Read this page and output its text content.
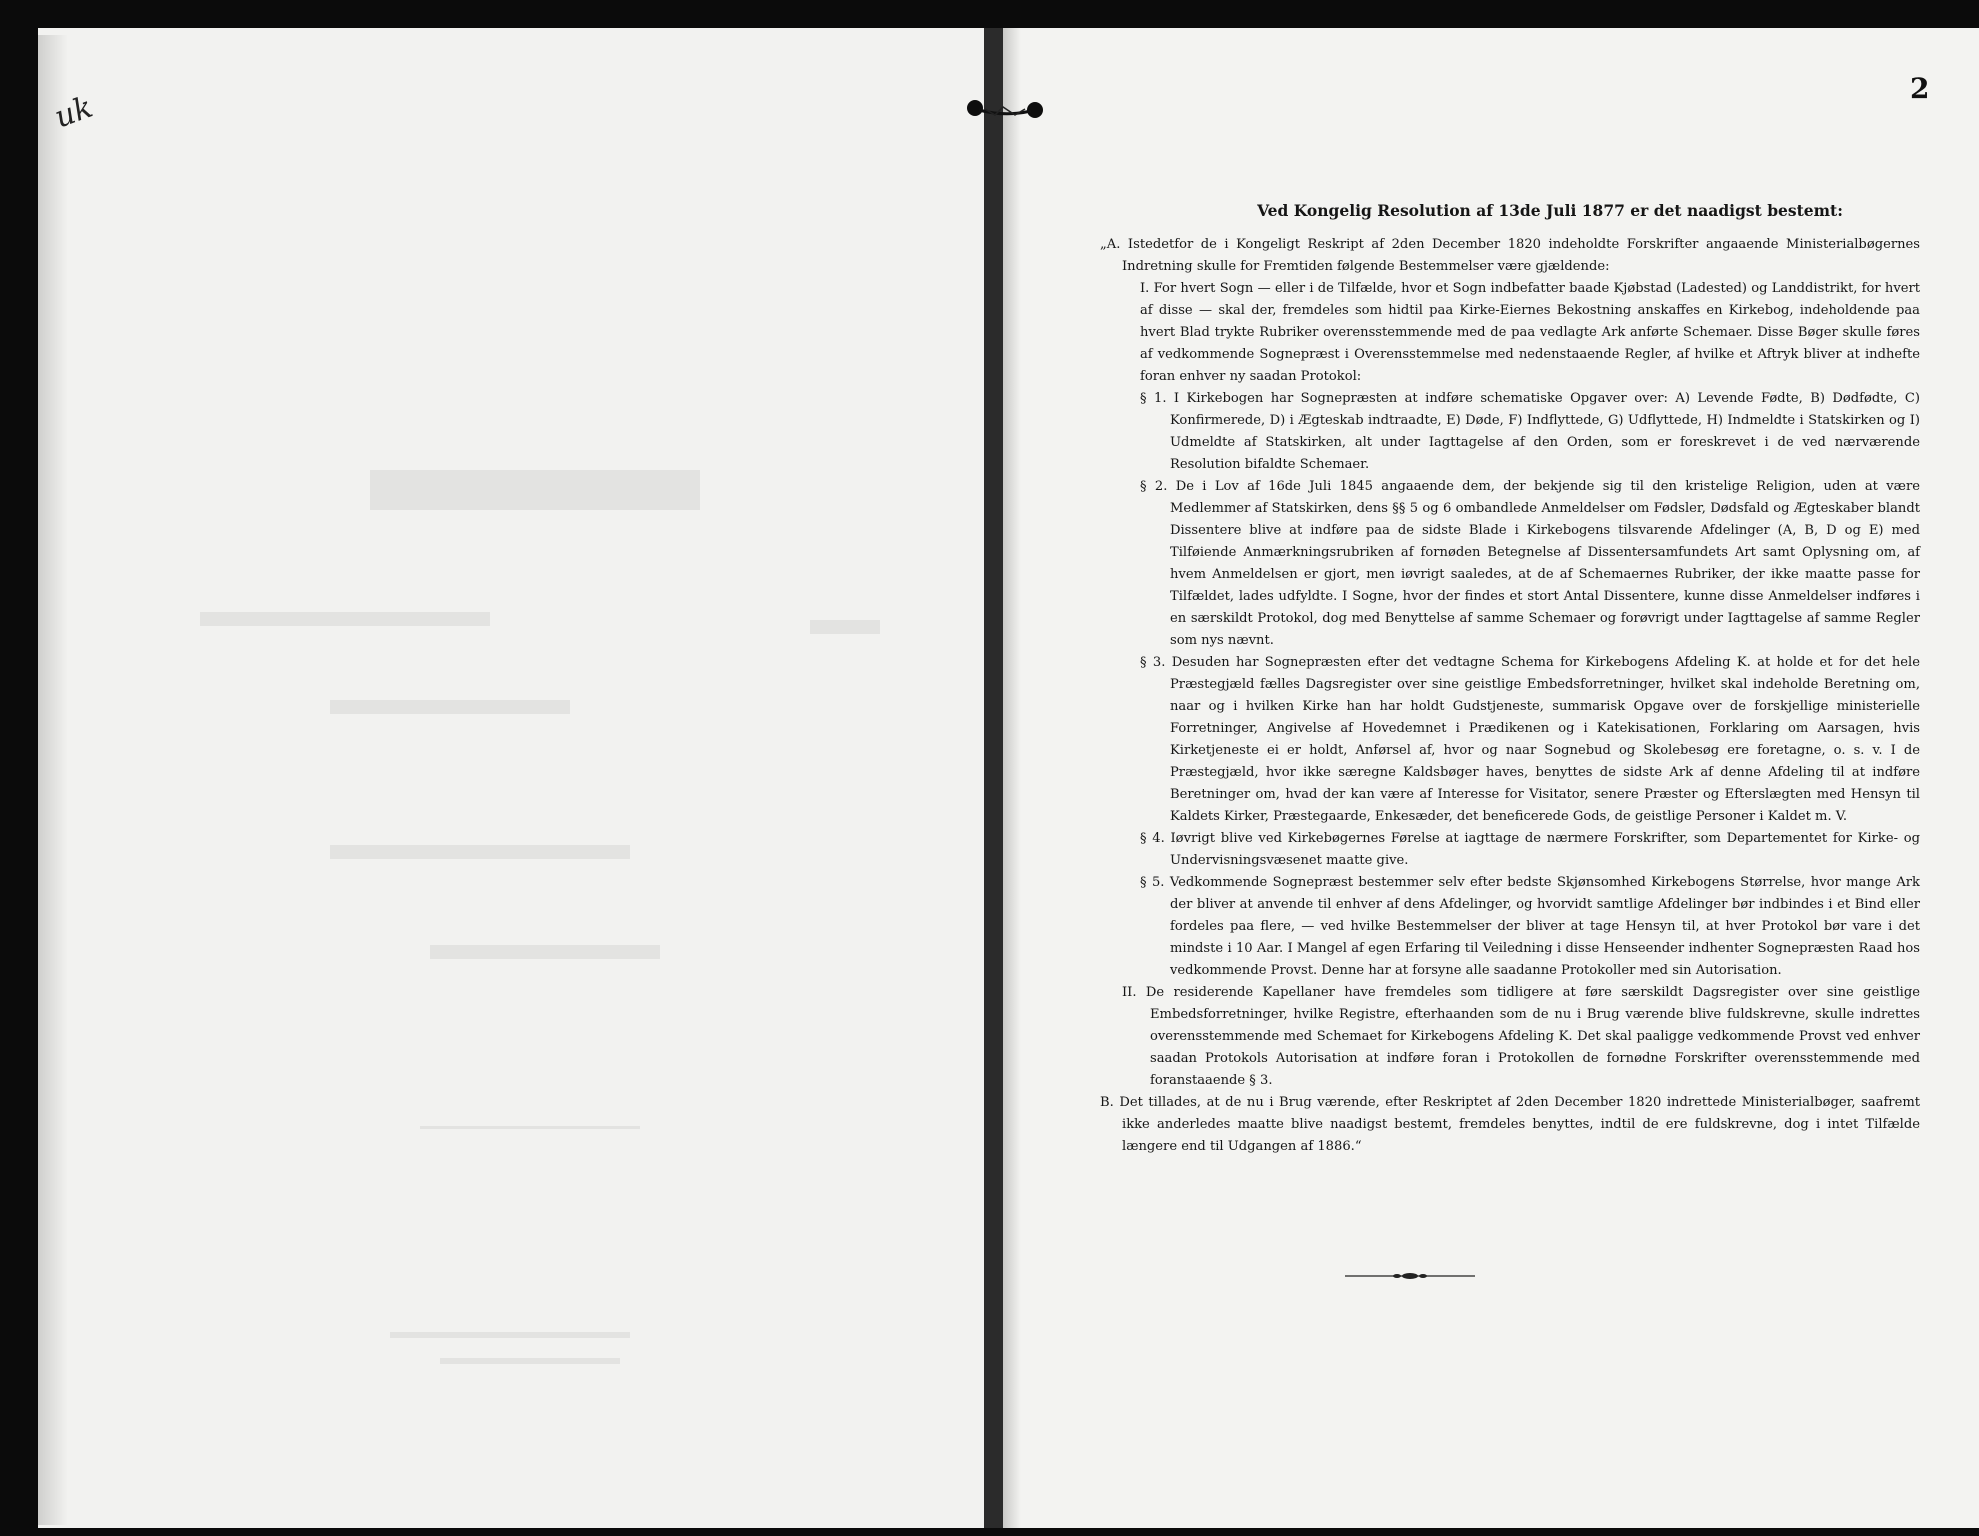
uk
2
Ved Kongelig Resolution af 13de Juli 1877 er det naadigst bestemt:

„A. Istedetfor de i Kongeligt Reskript af 2den December 1820 indeholdte Forskrifter angaaende Ministerialbøgernes Indretning skulle for Fremtiden følgende Bestemmelser være gjældende:

I. For hvert Sogn — eller i de Tilfælde, hvor et Sogn indbefatter baade Kjøbstad (Ladested) og Landdistrikt, for hvert af disse — skal der, fremdeles som hidtil paa Kirke-Eiernes Bekostning anskaffes en Kirkebog, indeholdende paa hvert Blad trykte Rubriker overensstemmende med de paa vedlagte Ark anførte Schemaer. Disse Bøger skulle føres af vedkommende Sognepræst i Overensstemmelse med nedenstaaende Regler, af hvilke et Aftryk bliver at indhefte foran enhver ny saadan Protokol:

§ 1. I Kirkebogen har Sognepræsten at indføre schematiske Opgaver over: A) Levende Fødte, B) Dødfødte, C) Konfirmerede, D) i Ægteskab indtraadte, E) Døde, F) Indflyttede, G) Udflyttede, H) Indmeldte i Statskirken og I) Udmeldte af Statskirken, alt under Iagttagelse af den Orden, som er foreskrevet i de ved nærværende Resolution bifaldte Schemaer.

§ 2. De i Lov af 16de Juli 1845 angaaende dem, der bekjende sig til den kristelige Religion, uden at være Medlemmer af Statskirken, dens §§ 5 og 6 ombandlede Anmeldelser om Fødsler, Dødsfald og Ægteskaber blandt Dissentere blive at indføre paa de sidste Blade i Kirkebogens tilsvarende Afdelinger (A, B, D og E) med Tilføiende Anmærkningsrubriken af fornøden Betegnelse af Dissentersamfundets Art samt Oplysning om, af hvem Anmeldelsen er gjort, men iøvrigt saaledes, at de af Schemaernes Rubriker, der ikke maatte passe for Tilfældet, lades udfyldte. I Sogne, hvor der findes et stort Antal Dissentere, kunne disse Anmeldelser indføres i en særskildt Protokol, dog med Benyttelse af samme Schemaer og forøvrigt under Iagttagelse af samme Regler som nys nævnt.

§ 3. Desuden har Sognepræsten efter det vedtagne Schema for Kirkebogens Afdeling K. at holde et for det hele Præstegjæld fælles Dagsregister over sine geistlige Embedsforretninger, hvilket skal indeholde Beretning om, naar og i hvilken Kirke han har holdt Gudstjeneste, summarisk Opgave over de forskjellige ministerielle Forretninger, Angivelse af Hovedemnet i Prædikenen og i Katekisationen, Forklaring om Aarsagen, hvis Kirketjeneste ei er holdt, Anførsel af, hvor og naar Sognebud og Skolebesøg ere foretagne, o. s. v. I de Præstegjæld, hvor ikke særegne Kaldsbøger haves, benyttes de sidste Ark af denne Afdeling til at indføre Beretninger om, hvad der kan være af Interesse for Visitator, senere Præster og Efterslægten med Hensyn til Kaldets Kirker, Præstegaarde, Enkesæder, det beneficerede Gods, de geistlige Personer i Kaldet m. V.

§ 4. Iøvrigt blive ved Kirkebøgernes Førelse at iagttage de nærmere Forskrifter, som Departementet for Kirke- og Undervisningsvæsenet maatte give.

§ 5. Vedkommende Sognepræst bestemmer selv efter bedste Skjønsomhed Kirkebogens Størrelse, hvor mange Ark der bliver at anvende til enhver af dens Afdelinger, og hvorvidt samtlige Afdelinger bør indbindes i et Bind eller fordeles paa flere, — ved hvilke Bestemmelser der bliver at tage Hensyn til, at hver Protokol bør vare i det mindste i 10 Aar. I Mangel af egen Erfaring til Veiledning i disse Henseender indhenter Sognepræsten Raad hos vedkommende Provst. Denne har at forsyne alle saadanne Protokoller med sin Autorisation.

II. De residerende Kapellaner have fremdeles som tidligere at føre særskildt Dagsregister over sine geistlige Embedsforretninger, hvilke Registre, efterhaanden som de nu i Brug værende blive fuldskrevne, skulle indrettes overensstemmende med Schemaet for Kirkebogens Afdeling K. Det skal paaligge vedkommende Provst ved enhver saadan Protokols Autorisation at indføre foran i Protokollen de fornødne Forskrifter overensstemmende med foranstaaende § 3.

B. Det tillades, at de nu i Brug værende, efter Reskriptet af 2den December 1820 indrettede Ministerialbøger, saafremt ikke anderledes maatte blive naadigst bestemt, fremdeles benyttes, indtil de ere fuldskrevne, dog i intet Tilfælde længere end til Udgangen af 1886.“
